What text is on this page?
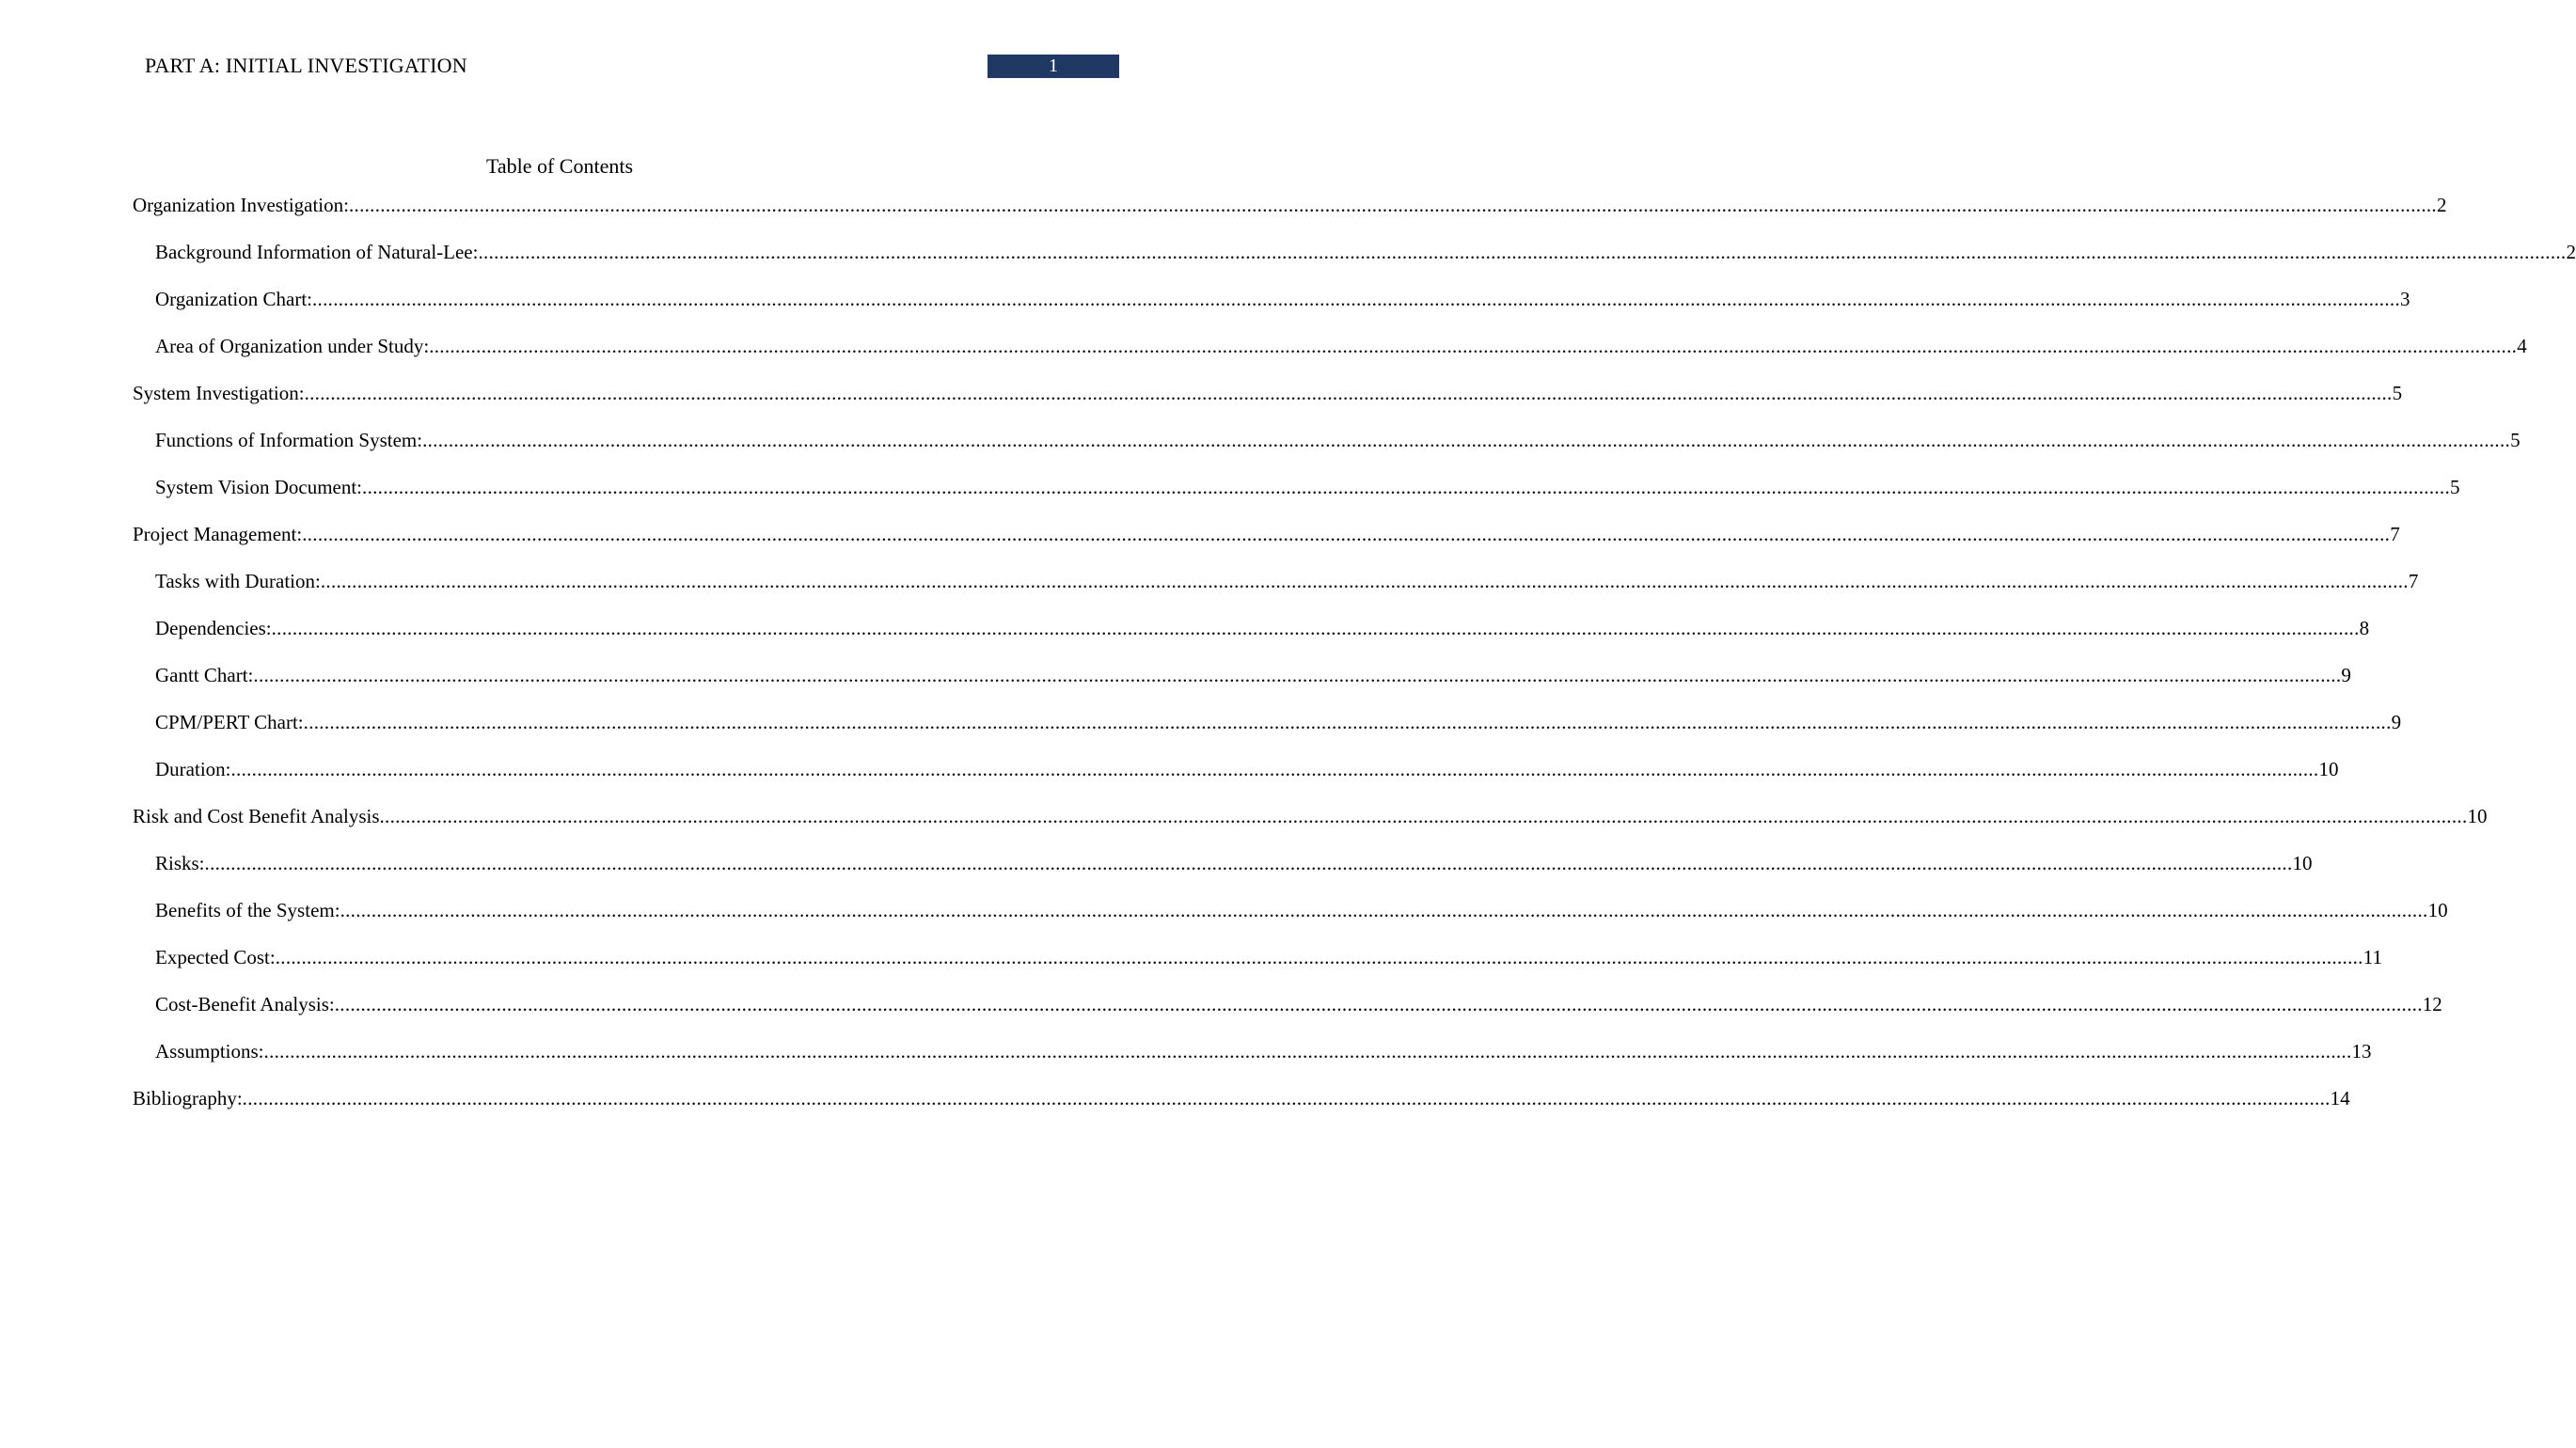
PART A: INITIAL INVESTIGATION	1
Table of Contents
Organization Investigation: ................................................................................................................................................................................................................................................................................................................................................................................................................ 2
Background Information of Natural-Lee: ................................................................................................................................................................................................................................................................................................................................................................................................................ 2
Organization Chart: ................................................................................................................................................................................................................................................................................................................................................................................................................ 3
Area of Organization under Study: ................................................................................................................................................................................................................................................................................................................................................................................................................ 4
System Investigation: ................................................................................................................................................................................................................................................................................................................................................................................................................ 5
Functions of Information System: ................................................................................................................................................................................................................................................................................................................................................................................................................ 5
System Vision Document: ................................................................................................................................................................................................................................................................................................................................................................................................................ 5
Project Management: ................................................................................................................................................................................................................................................................................................................................................................................................................ 7
Tasks with Duration: ................................................................................................................................................................................................................................................................................................................................................................................................................ 7
Dependencies: ................................................................................................................................................................................................................................................................................................................................................................................................................ 8
Gantt Chart: ................................................................................................................................................................................................................................................................................................................................................................................................................ 9
CPM/PERT Chart: ................................................................................................................................................................................................................................................................................................................................................................................................................ 9
Duration: ................................................................................................................................................................................................................................................................................................................................................................................................................ 10
Risk and Cost Benefit Analysis ................................................................................................................................................................................................................................................................................................................................................................................................................ 10
Risks: ................................................................................................................................................................................................................................................................................................................................................................................................................ 10
Benefits of the System: ................................................................................................................................................................................................................................................................................................................................................................................................................ 10
Expected Cost: ................................................................................................................................................................................................................................................................................................................................................................................................................ 11
Cost-Benefit Analysis: ................................................................................................................................................................................................................................................................................................................................................................................................................ 12
Assumptions: ................................................................................................................................................................................................................................................................................................................................................................................................................ 13
Bibliography: ................................................................................................................................................................................................................................................................................................................................................................................................................ 14
